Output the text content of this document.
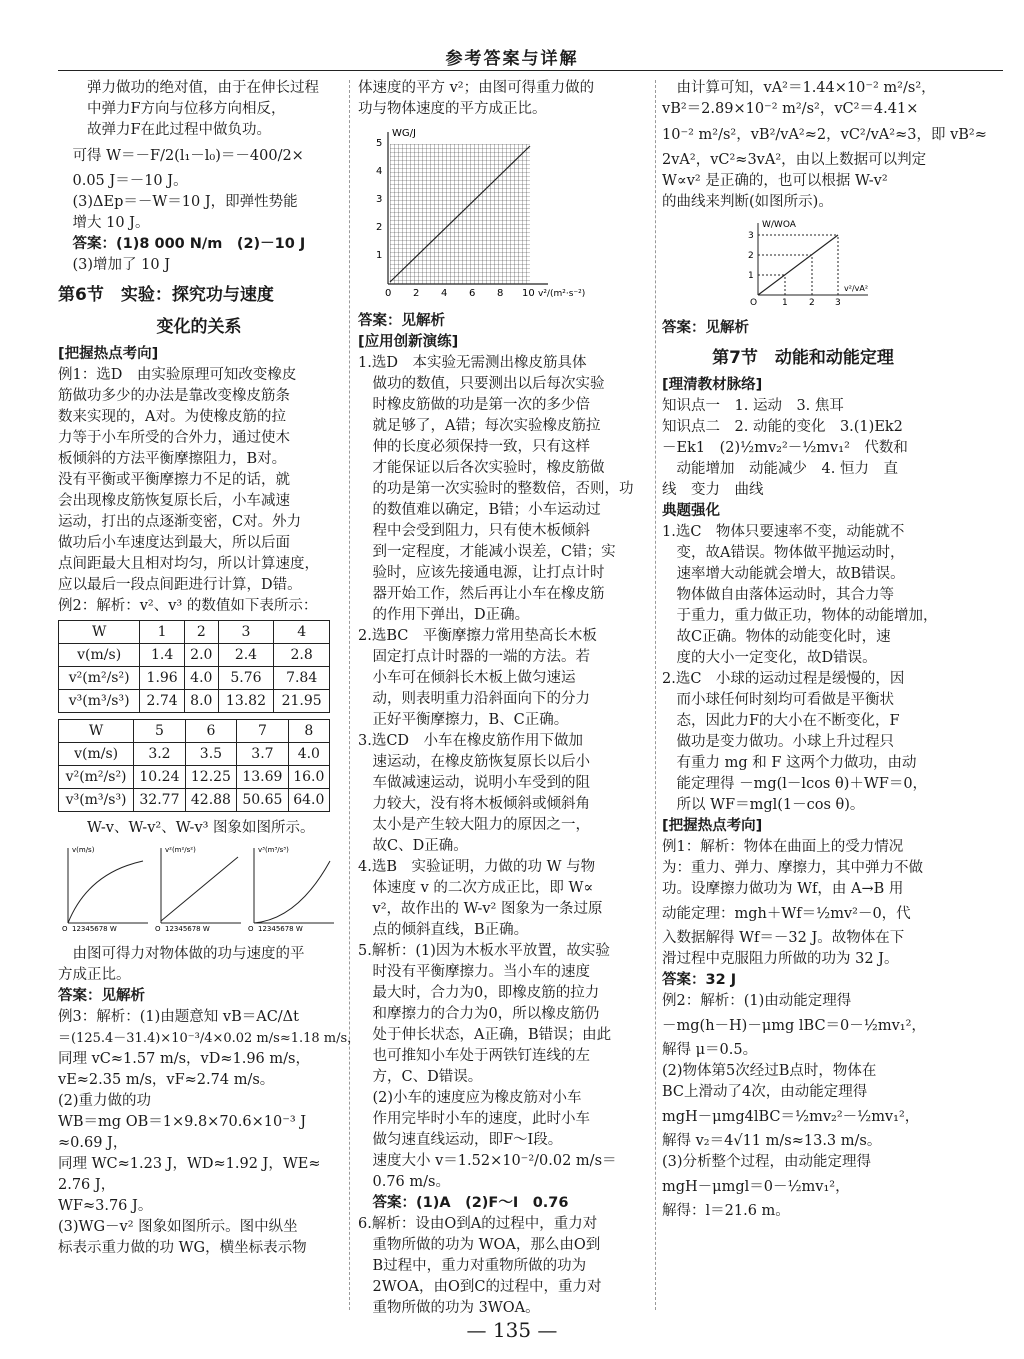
参考答案与详解

弹力做功的绝对值，由于在伸长过程

中弹力F方向与位移方向相反，

故弹力F在此过程中做负功。

可得 W＝－F/2(l₁－l₀)＝－400/2×

0.05 J＝－10 J。

(3)ΔEp＝－W＝10 J，即弹性势能

增大 10 J。

答案：(1)8 000 N/m　(2)－10 J

(3)增加了 10 J

第6节　实验：探究功与速度
变化的关系

[把握热点考向]

例1：选D　由实验原理可知改变橡皮

筋做功多少的办法是靠改变橡皮筋条

数来实现的，A对。为使橡皮筋的拉

力等于小车所受的合外力，通过使木

板倾斜的方法平衡摩擦阻力，B对。

没有平衡或平衡摩擦力不足的话，就

会出现橡皮筋恢复原长后，小车减速

运动，打出的点逐渐变密，C对。外力

做功后小车速度达到最大，所以后面

点间距最大且相对均匀，所以计算速度，

应以最后一段点间距进行计算，D错。

例2：解析：v²、v³ 的数值如下表所示：

W	1	2	3	4
v(m/s)	1.4	2.0	2.4	2.8
v²(m²/s²)	1.96	4.0	5.76	7.84
v³(m³/s³)	2.74	8.0	13.82	21.95
W	5	6	7	8
v(m/s)	3.2	3.5	3.7	4.0
v²(m²/s²)	10.24	12.25	13.69	16.0
v³(m³/s³)	32.77	42.88	50.65	64.0

W-v、W-v²、W-v³ 图象如图所示。

v(m/s)
O 12345678 W
v²(m²/s²)
O 12345678 W
v³(m³/s³)
O 12345678 W

由图可得力对物体做的功与速度的平

方成正比。

答案：见解析

例3：解析：(1)由题意知 vB＝AC/Δt

＝(125.4－31.4)×10⁻³/4×0.02 m/s≈1.18 m/s，

同理 vC≈1.57 m/s，vD≈1.96 m/s，

vE≈2.35 m/s，vF≈2.74 m/s。

(2)重力做的功

WB＝mg OB＝1×9.8×70.6×10⁻³ J

≈0.69 J，

同理 WC≈1.23 J，WD≈1.92 J，WE≈

2.76 J，

WF≈3.76 J。

(3)WG－v² 图象如图所示。图中纵坐

标表示重力做的功 WG，横坐标表示物

体速度的平方 v²；由图可得重力做的

功与物体速度的平方成正比。

WG/J
1
2
3
4
5
0 2 4 6 8 10 v²/(m²·s⁻²)

答案：见解析

[应用创新演练]

1.选D　本实验无需测出橡皮筋具体

做功的数值，只要测出以后每次实验

时橡皮筋做的功是第一次的多少倍

就足够了，A错；每次实验橡皮筋拉

伸的长度必须保持一致，只有这样

才能保证以后各次实验时，橡皮筋做

的功是第一次实验时的整数倍，否则，功

的数值难以确定，B错；小车运动过

程中会受到阻力，只有使木板倾斜

到一定程度，才能减小误差，C错；实

验时，应该先接通电源，让打点计时

器开始工作，然后再让小车在橡皮筋

的作用下弹出，D正确。

2.选BC　平衡摩擦力常用垫高长木板

固定打点计时器的一端的方法。若

小车可在倾斜长木板上做匀速运

动，则表明重力沿斜面向下的分力

正好平衡摩擦力，B、C正确。

3.选CD　小车在橡皮筋作用下做加

速运动，在橡皮筋恢复原长以后小

车做减速运动，说明小车受到的阻

力较大，没有将木板倾斜或倾斜角

太小是产生较大阻力的原因之一，

故C、D正确。

4.选B　实验证明，力做的功 W 与物

体速度 v 的二次方成正比，即 W∝

v²，故作出的 W-v² 图象为一条过原

点的倾斜直线，B正确。

5.解析：(1)因为木板水平放置，故实验

时没有平衡摩擦力。当小车的速度

最大时，合力为0，即橡皮筋的拉力

和摩擦力的合力为0，所以橡皮筋仍

处于伸长状态，A正确，B错误；由此

也可推知小车处于两铁钉连线的左

方，C、D错误。

(2)小车的速度应为橡皮筋对小车

作用完毕时小车的速度，此时小车

做匀速直线运动，即F～I段。

速度大小 v＝1.52×10⁻²/0.02 m/s＝

0.76 m/s。

答案：(1)A　(2)F～I　0.76

6.解析：设由O到A的过程中，重力对

重物所做的功为 WOA，那么由O到

B过程中，重力对重物所做的功为

2WOA，由O到C的过程中，重力对

重物所做的功为 3WOA。

由计算可知，vA²＝1.44×10⁻² m²/s²，

vB²＝2.89×10⁻² m²/s²，vC²＝4.41×

10⁻² m²/s²，vB²/vA²≈2，vC²/vA²≈3，即 vB²≈

2vA²，vC²≈3vA²，由以上数据可以判定

W∝v² 是正确的，也可以根据 W-v²

的曲线来判断(如图所示)。

W/WOA
1
2
3
O	1 2 3
v²/vA²

答案：见解析

第7节　动能和动能定理

[理清教材脉络]

知识点一　1. 运动　3. 焦耳

知识点二　2. 动能的变化　3.(1)Ek2

－Ek1　(2)½mv₂²－½mv₁²　代数和

　动能增加　动能减少　4. 恒力　直

线　变力　曲线

典题强化

1.选C　物体只要速率不变，动能就不

变，故A错误。物体做平抛运动时，

速率增大动能就会增大，故B错误。

物体做自由落体运动时，其合力等

于重力，重力做正功，物体的动能增加，

故C正确。物体的动能变化时，速

度的大小一定变化，故D错误。

2.选C　小球的运动过程是缓慢的，因

而小球任何时刻均可看做是平衡状

态，因此力F的大小在不断变化，F

做功是变力做功。小球上升过程只

有重力 mg 和 F 这两个力做功，由动

能定理得 －mg(l－lcos θ)＋WF＝0，

所以 WF＝mgl(1－cos θ)。

[把握热点考向]

例1：解析：物体在曲面上的受力情况

为：重力、弹力、摩擦力，其中弹力不做

功。设摩擦力做功为 Wf，由 A→B 用

动能定理：mgh＋Wf＝½mv²－0，代

入数据解得 Wf＝－32 J。故物体在下

滑过程中克服阻力所做的功为 32 J。

答案：32 J

例2：解析：(1)由动能定理得

－mg(h－H)－μmg lBC＝0－½mv₁²，

解得 μ＝0.5。

(2)物体第5次经过B点时，物体在

BC上滑动了4次，由动能定理得

mgH－μmg4lBC＝½mv₂²－½mv₁²，

解得 v₂＝4√11 m/s≈13.3 m/s。

(3)分析整个过程，由动能定理得

mgH－μmgl＝0－½mv₁²，

解得：l＝21.6 m。

— 135 —
